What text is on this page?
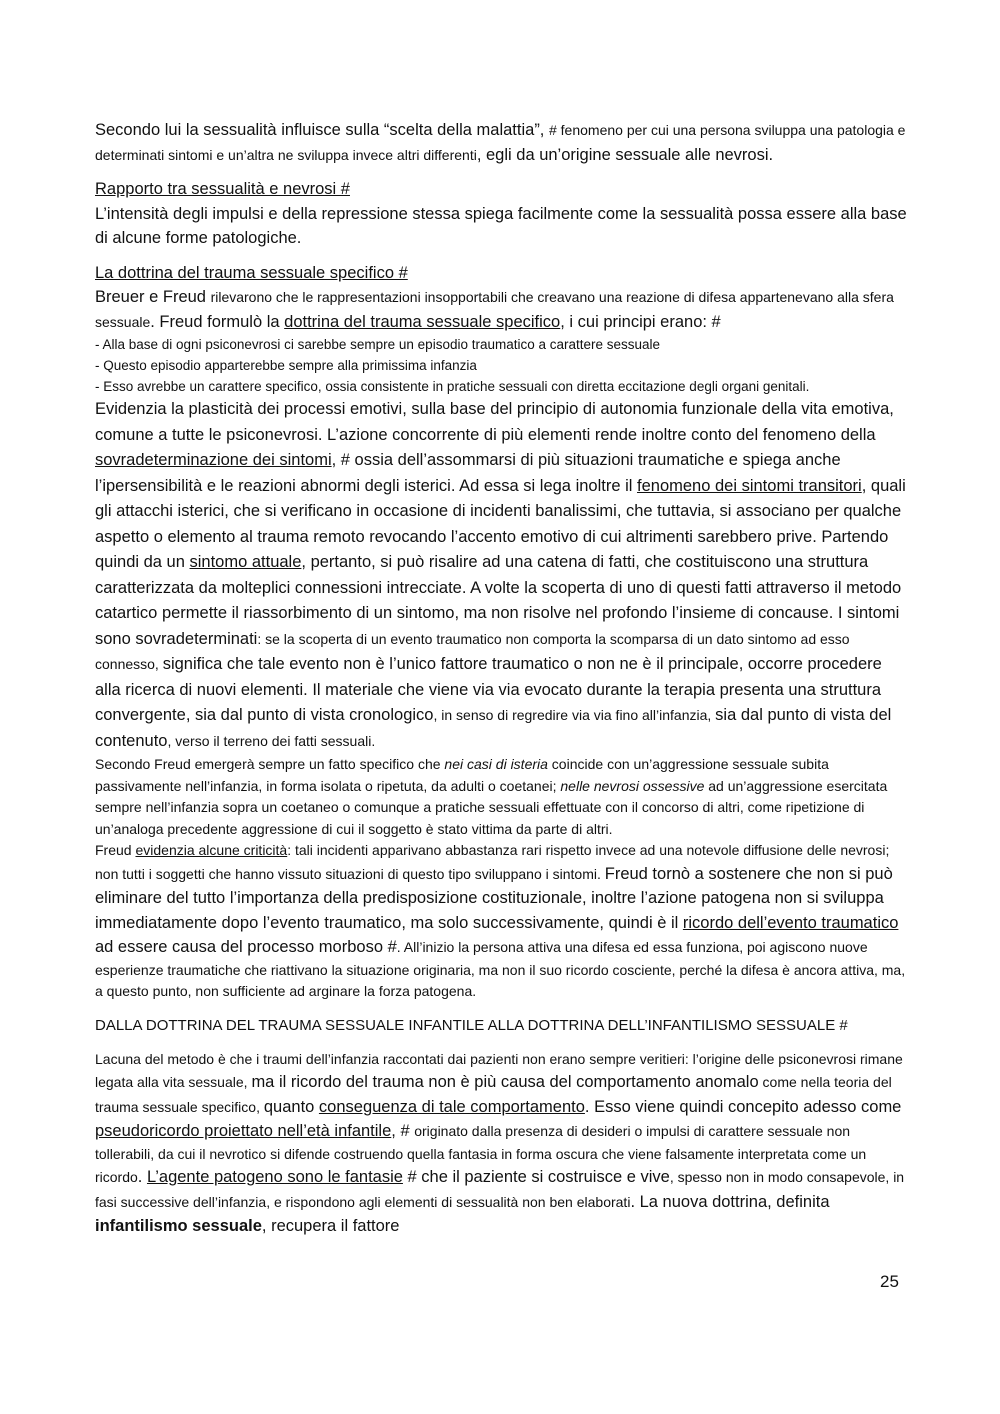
Secondo lui la sessualità influisce sulla “scelta della malattia”, # fenomeno per cui una persona sviluppa una patologia e determinati sintomi e un’altra ne sviluppa invece altri differenti, egli da un’origine sessuale alle nevrosi.

Rapporto tra sessualità e nevrosi #

L’intensità degli impulsi e della repressione stessa spiega facilmente come la sessualità possa essere alla base di alcune forme patologiche.

La dottrina del trauma sessuale specifico #

Breuer e Freud rilevarono che le rappresentazioni insopportabili che creavano una reazione di difesa appartenevano alla sfera sessuale. Freud formulò la dottrina del trauma sessuale specifico, i cui principi erano: #

- Alla base di ogni psiconevrosi ci sarebbe sempre un episodio traumatico a carattere sessuale

- Questo episodio apparterebbe sempre alla primissima infanzia

- Esso avrebbe un carattere specifico, ossia consistente in pratiche sessuali con diretta eccitazione degli organi genitali.

Evidenzia la plasticità dei processi emotivi, sulla base del principio di autonomia funzionale della vita emotiva, comune a tutte le psiconevrosi. L’azione concorrente di più elementi rende inoltre conto del fenomeno della sovradeterminazione dei sintomi, # ossia dell’assommarsi di più situazioni traumatiche e spiega anche l’ipersensibilità e le reazioni abnormi degli isterici. Ad essa si lega inoltre il fenomeno dei sintomi transitori, quali gli attacchi isterici, che si verificano in occasione di incidenti banalissimi, che tuttavia, si associano per qualche aspetto o elemento al trauma remoto revocando l’accento emotivo di cui altrimenti sarebbero prive. Partendo quindi da un sintomo attuale, pertanto, si può risalire ad una catena di fatti, che costituiscono una struttura caratterizzata da molteplici connessioni intrecciate. A volte la scoperta di uno di questi fatti attraverso il metodo catartico permette il riassorbimento di un sintomo, ma non risolve nel profondo l’insieme di concause. I sintomi sono sovradeterminati: se la scoperta di un evento traumatico non comporta la scomparsa di un dato sintomo ad esso connesso, significa che tale evento non è l’unico fattore traumatico o non ne è il principale, occorre procedere alla ricerca di nuovi elementi. Il materiale che viene via via evocato durante la terapia presenta una struttura convergente, sia dal punto di vista cronologico, in senso di regredire via via fino all’infanzia, sia dal punto di vista del contenuto, verso il terreno dei fatti sessuali.

Secondo Freud emergerà sempre un fatto specifico che nei casi di isteria coincide con un’aggressione sessuale subita passivamente nell’infanzia, in forma isolata o ripetuta, da adulti o coetanei; nelle nevrosi ossessive ad un’aggressione esercitata sempre nell’infanzia sopra un coetaneo o comunque a pratiche sessuali effettuate con il concorso di altri, come ripetizione di un’analoga precedente aggressione di cui il soggetto è stato vittima da parte di altri.

Freud evidenzia alcune criticità: tali incidenti apparivano abbastanza rari rispetto invece ad una notevole diffusione delle nevrosi; non tutti i soggetti che hanno vissuto situazioni di questo tipo sviluppano i sintomi. Freud tornò a sostenere che non si può eliminare del tutto l’importanza della predisposizione costituzionale, inoltre l’azione patogena non si sviluppa immediatamente dopo l’evento traumatico, ma solo successivamente, quindi è il ricordo dell’evento traumatico ad essere causa del processo morboso #. All’inizio la persona attiva una difesa ed essa funziona, poi agiscono nuove esperienze traumatiche che riattivano la situazione originaria, ma non il suo ricordo cosciente, perché la difesa è ancora attiva, ma, a questo punto, non sufficiente ad arginare la forza patogena.

DALLA DOTTRINA DEL TRAUMA SESSUALE INFANTILE ALLA DOTTRINA DELL’INFANTILISMO SESSUALE #

Lacuna del metodo è che i traumi dell’infanzia raccontati dai pazienti non erano sempre veritieri: l’origine delle psiconevrosi rimane legata alla vita sessuale, ma il ricordo del trauma non è più causa del comportamento anomalo come nella teoria del trauma sessuale specifico, quanto conseguenza di tale comportamento. Esso viene quindi concepito adesso come pseudoricordo proiettato nell’età infantile, # originato dalla presenza di desideri o impulsi di carattere sessuale non tollerabili, da cui il nevrotico si difende costruendo quella fantasia in forma oscura che viene falsamente interpretata come un ricordo. L’agente patogeno sono le fantasie # che il paziente si costruisce e vive, spesso non in modo consapevole, in fasi successive dell’infanzia, e rispondono agli elementi di sessualità non ben elaborati. La nuova dottrina, definita infantilismo sessuale, recupera il fattore

25
